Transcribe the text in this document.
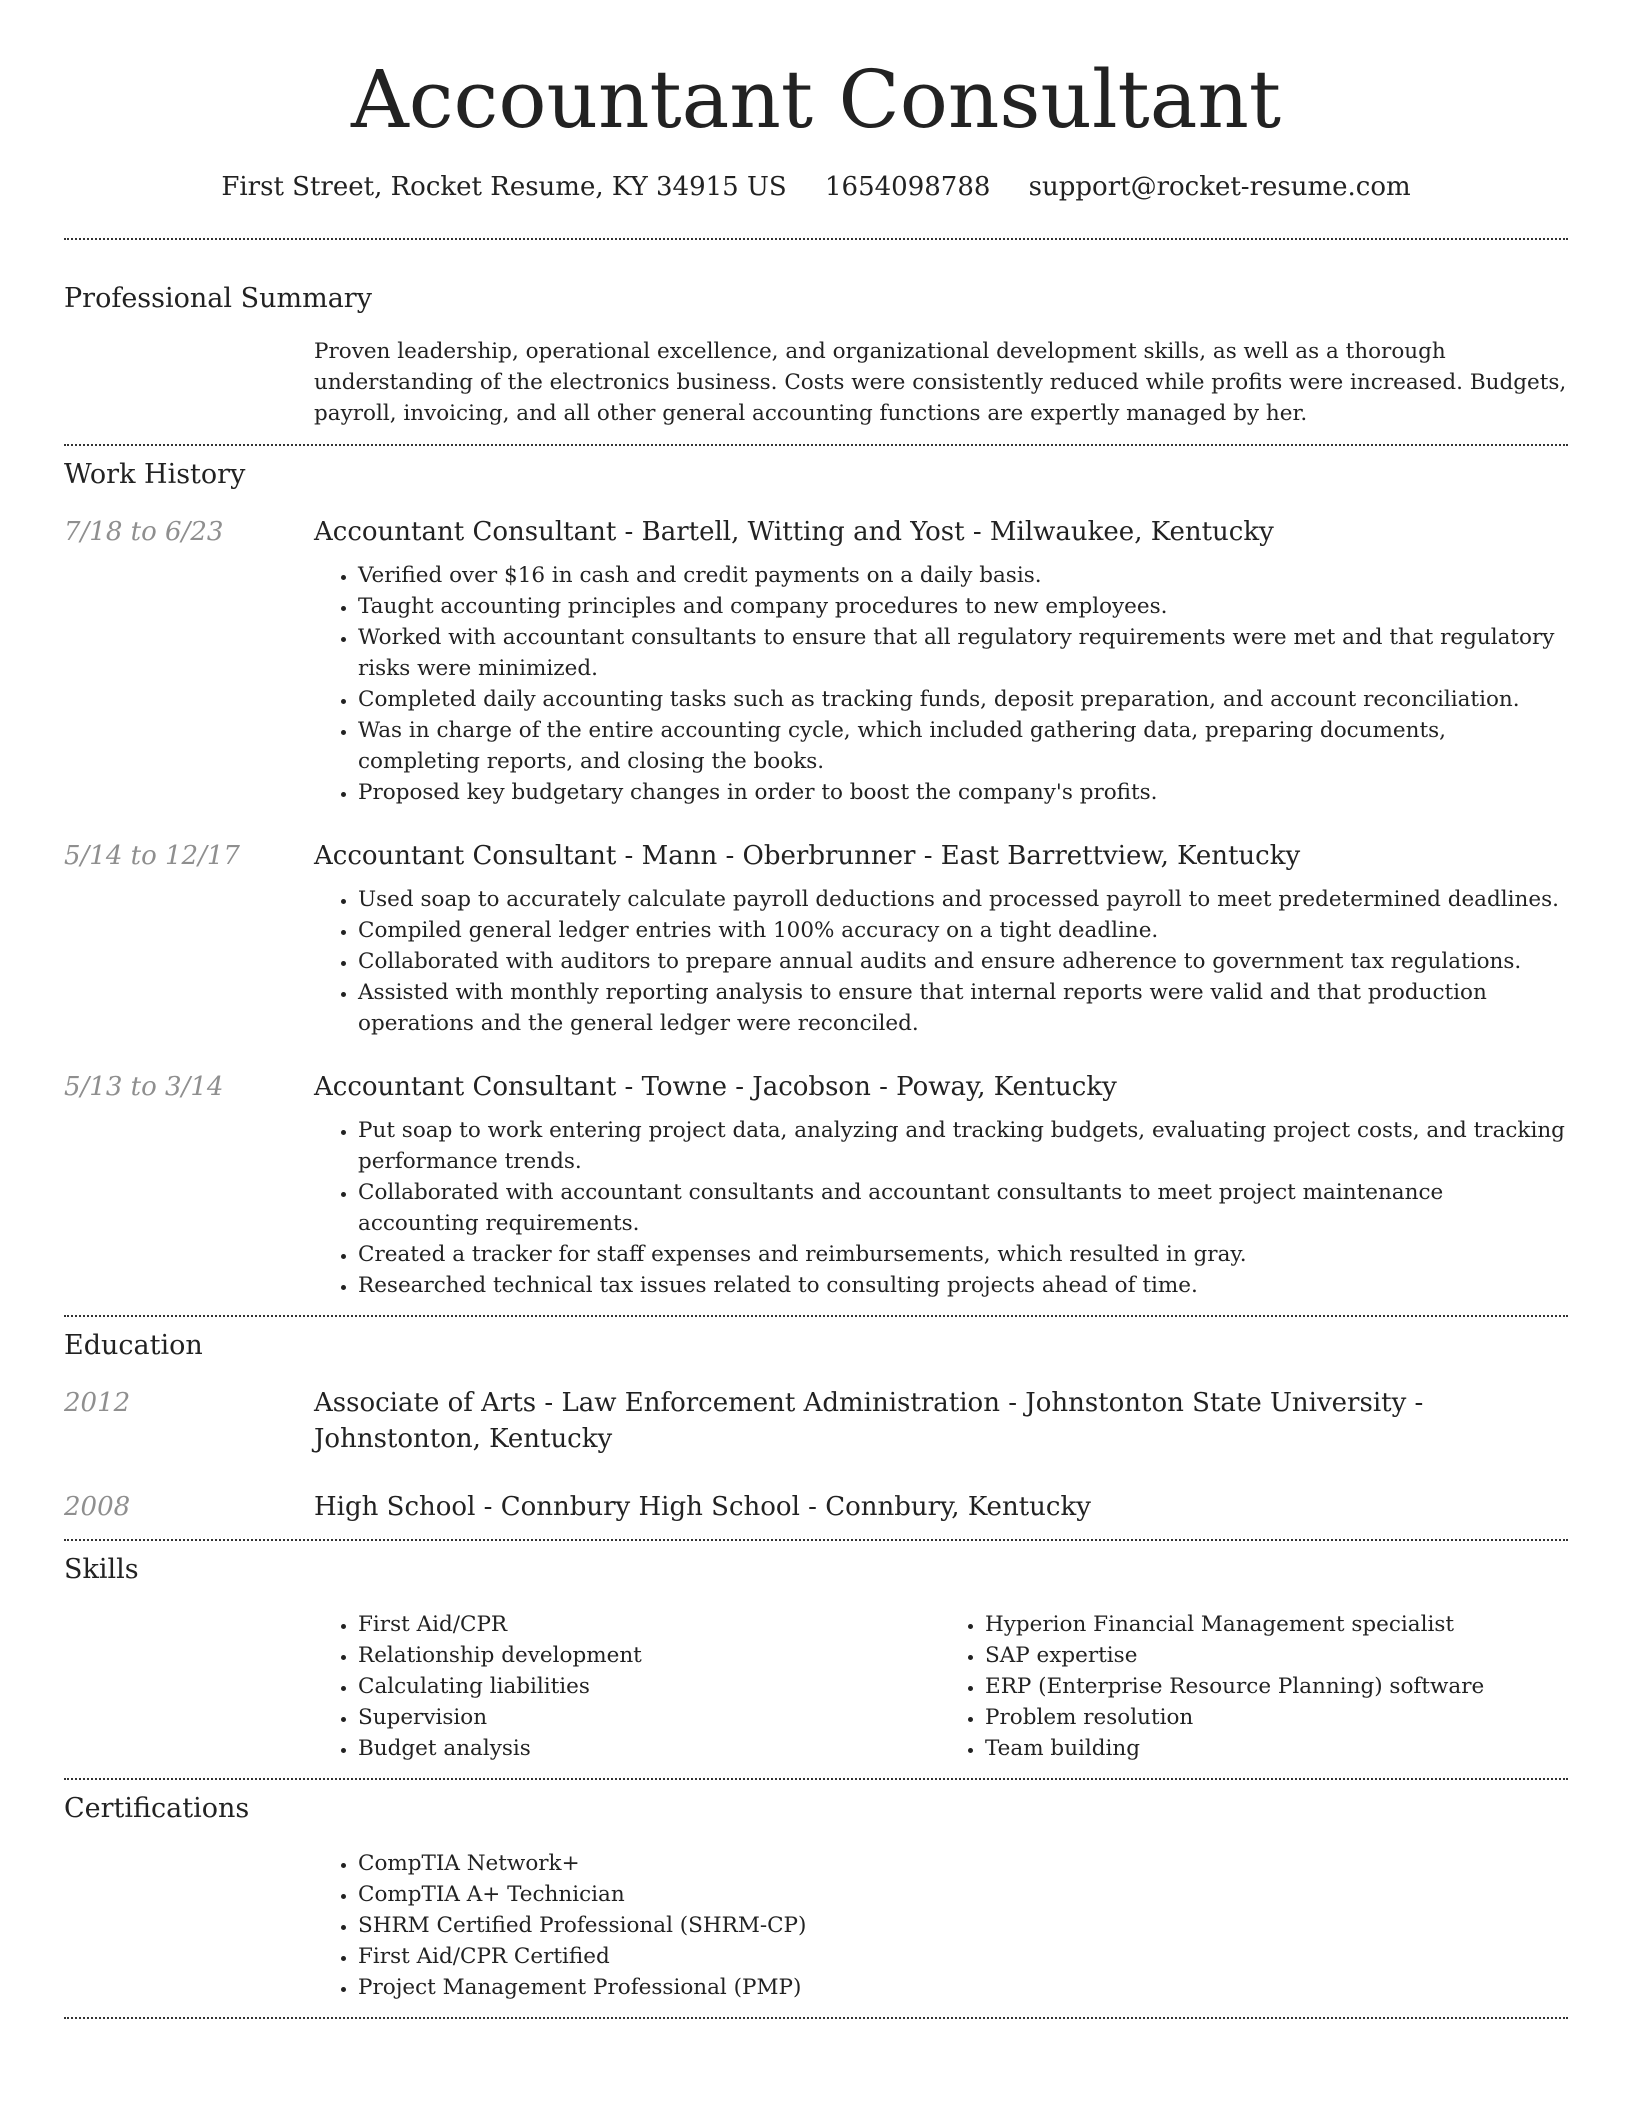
Accountant Consultant
First Street, Rocket Resume, KY 34915 US 1654098788 support@rocket-resume.com
Professional Summary

Proven leadership, operational excellence, and organizational development skills, as well as a thorough understanding of the electronics business. Costs were consistently reduced while profits were increased. Budgets, payroll, invoicing, and all other general accounting functions are expertly managed by her.

Work History
7/18 to 6/23	Accountant Consultant - Bartell, Witting and Yost - Milwaukee, Kentucky
• Verified over $16 in cash and credit payments on a daily basis.
• Taught accounting principles and company procedures to new employees.
• Worked with accountant consultants to ensure that all regulatory requirements were met and that regulatory risks were minimized.
• Completed daily accounting tasks such as tracking funds, deposit preparation, and account reconciliation.
• Was in charge of the entire accounting cycle, which included gathering data, preparing documents, completing reports, and closing the books.
• Proposed key budgetary changes in order to boost the company's profits.
5/14 to 12/17	Accountant Consultant - Mann - Oberbrunner - East Barrettview, Kentucky
• Used soap to accurately calculate payroll deductions and processed payroll to meet predetermined deadlines.
• Compiled general ledger entries with 100% accuracy on a tight deadline.
• Collaborated with auditors to prepare annual audits and ensure adherence to government tax regulations.
• Assisted with monthly reporting analysis to ensure that internal reports were valid and that production operations and the general ledger were reconciled.
5/13 to 3/14	Accountant Consultant - Towne - Jacobson - Poway, Kentucky
• Put soap to work entering project data, analyzing and tracking budgets, evaluating project costs, and tracking performance trends.
• Collaborated with accountant consultants and accountant consultants to meet project maintenance accounting requirements.
• Created a tracker for staff expenses and reimbursements, which resulted in gray.
• Researched technical tax issues related to consulting projects ahead of time.
Education
2012	Associate of Arts - Law Enforcement Administration - Johnstonton State University - Johnstonton, Kentucky
2008	High School - Connbury High School - Connbury, Kentucky
Skills
• First Aid/CPR
• Relationship development
• Calculating liabilities
• Supervision
• Budget analysis
• Hyperion Financial Management specialist
• SAP expertise
• ERP (Enterprise Resource Planning) software
• Problem resolution
• Team building
Certifications
• CompTIA Network+
• CompTIA A+ Technician
• SHRM Certified Professional (SHRM-CP)
• First Aid/CPR Certified
• Project Management Professional (PMP)
